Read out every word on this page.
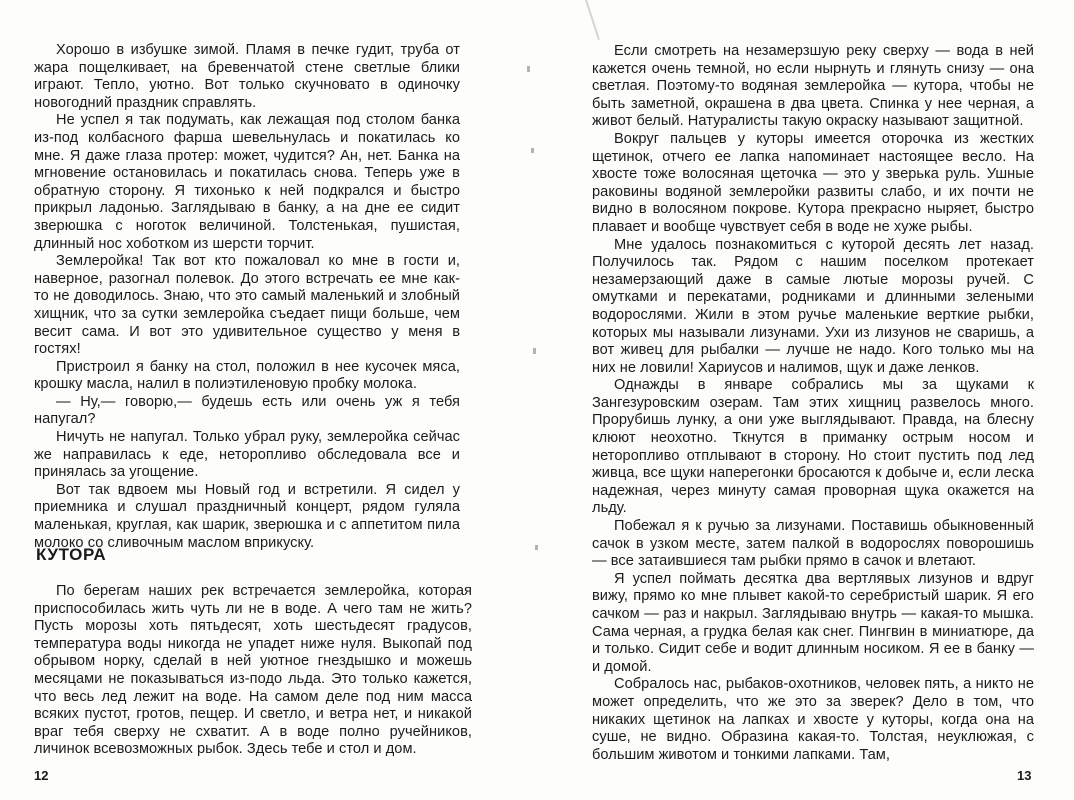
Хорошо в избушке зимой. Пламя в печке гудит, труба от жара пощелкивает, на бревенчатой стене светлые блики играют. Тепло, уютно. Вот только скучновато в одиночку новогодний праздник справлять.

Не успел я так подумать, как лежащая под столом банка из-под колбасного фарша шевельнулась и покатилась ко мне. Я даже глаза протер: может, чудится? Ан, нет. Банка на мгновение остановилась и покатилась снова. Теперь уже в обратную сторону. Я тихонько к ней подкрался и быстро прикрыл ладонью. Заглядываю в банку, а на дне ее сидит зверюшка с ноготок величиной. Толстенькая, пушистая, длинный нос хоботком из шерсти торчит.

Землеройка! Так вот кто пожаловал ко мне в гости и, наверное, разогнал полевок. До этого встречать ее мне как-то не доводилось. Знаю, что это самый маленький и злобный хищник, что за сутки землеройка съедает пищи больше, чем весит сама. И вот это удивительное существо у меня в гостях!

Пристроил я банку на стол, положил в нее кусочек мяса, крошку масла, налил в полиэтиленовую пробку молока.

— Ну,— говорю,— будешь есть или очень уж я тебя напугал?

Ничуть не напугал. Только убрал руку, землеройка сейчас же направилась к еде, неторопливо обследовала все и принялась за угощение.

Вот так вдвоем мы Новый год и встретили. Я сидел у приемника и слушал праздничный концерт, рядом гуляла маленькая, круглая, как шарик, зверюшка и с аппетитом пила молоко со сливочным маслом вприкуску.

КУТОРА

По берегам наших рек встречается землеройка, которая приспособилась жить чуть ли не в воде. А чего там не жить? Пусть морозы хоть пятьдесят, хоть шестьдесят градусов, температура воды никогда не упадет ниже нуля. Выкопай под обрывом норку, сделай в ней уютное гнездышко и можешь месяцами не показываться из-подо льда. Это только кажется, что весь лед лежит на воде. На самом деле под ним масса всяких пустот, гротов, пещер. И светло, и ветра нет, и никакой враг тебя сверху не схватит. А в воде полно ручейников, личинок всевозможных рыбок. Здесь тебе и стол и дом.

12

Если смотреть на незамерзшую реку сверху — вода в ней кажется очень темной, но если нырнуть и глянуть снизу — она светлая. Поэтому-то водяная землеройка — кутора, чтобы не быть заметной, окрашена в два цвета. Спинка у нее черная, а живот белый. Натуралисты такую окраску называют защитной.

Вокруг пальцев у куторы имеется оторочка из жестких щетинок, отчего ее лапка напоминает настоящее весло. На хвосте тоже волосяная щеточка — это у зверька руль. Ушные раковины водяной землеройки развиты слабо, и их почти не видно в волосяном покрове. Кутора прекрасно ныряет, быстро плавает и вообще чувствует себя в воде не хуже рыбы.

Мне удалось познакомиться с куторой десять лет назад. Получилось так. Рядом с нашим поселком протекает незамерзающий даже в самые лютые морозы ручей. С омутками и перекатами, родниками и длинными зелеными водорослями. Жили в этом ручье маленькие верткие рыбки, которых мы называли лизунами. Ухи из лизунов не сваришь, а вот живец для рыбалки — лучше не надо. Кого только мы на них не ловили! Хариусов и налимов, щук и даже ленков.

Однажды в январе собрались мы за щуками к Зангезуровским озерам. Там этих хищниц развелось много. Прорубишь лунку, а они уже выглядывают. Правда, на блесну клюют неохотно. Ткнутся в приманку острым носом и неторопливо отплывают в сторону. Но стоит пустить под лед живца, все щуки наперегонки бросаются к добыче и, если леска надежная, через минуту самая проворная щука окажется на льду.

Побежал я к ручью за лизунами. Поставишь обыкновенный сачок в узком месте, затем палкой в водорослях поворошишь — все затаившиеся там рыбки прямо в сачок и влетают.

Я успел поймать десятка два вертлявых лизунов и вдруг вижу, прямо ко мне плывет какой-то серебристый шарик. Я его сачком — раз и накрыл. Заглядываю внутрь — какая-то мышка. Сама черная, а грудка белая как снег. Пингвин в миниатюре, да и только. Сидит себе и водит длинным носиком. Я ее в банку — и домой.

Собралось нас, рыбаков-охотников, человек пять, а никто не может определить, что же это за зверек? Дело в том, что никаких щетинок на лапках и хвосте у куторы, когда она на суше, не видно. Образина какая-то. Толстая, неуклюжая, с большим животом и тонкими лапками. Там,

13
